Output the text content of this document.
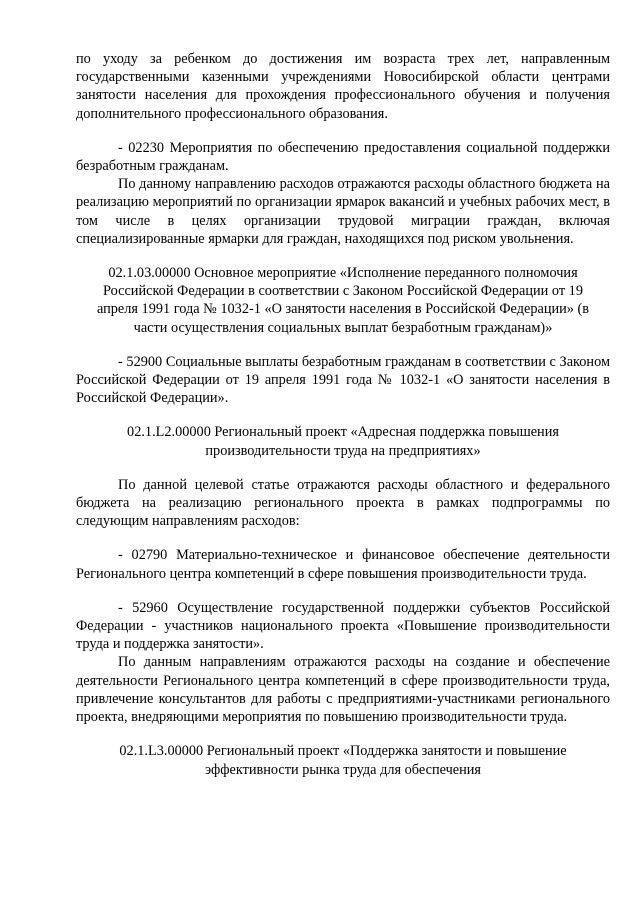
по уходу за ребенком до достижения им возраста трех лет, направленным государственными казенными учреждениями Новосибирской области центрами занятости населения для прохождения профессионального обучения и получения дополнительного профессионального образования.

- 02230 Мероприятия по обеспечению предоставления социальной поддержки безработным гражданам.

По данному направлению расходов отражаются расходы областного бюджета на реализацию мероприятий по организации ярмарок вакансий и учебных рабочих мест, в том числе в целях организации трудовой миграции граждан, включая специализированные ярмарки для граждан, находящихся под риском увольнения.

02.1.03.00000 Основное мероприятие «Исполнение переданного полномочия Российской Федерации в соответствии с Законом Российской Федерации от 19 апреля 1991 года № 1032-1 «О занятости населения в Российской Федерации» (в части осуществления социальных выплат безработным гражданам)»

- 52900 Социальные выплаты безработным гражданам в соответствии с Законом Российской Федерации от 19 апреля 1991 года № 1032-1 «О занятости населения в Российской Федерации».

02.1.L2.00000 Региональный проект «Адресная поддержка повышения производительности труда на предприятиях»

По данной целевой статье отражаются расходы областного и федерального бюджета на реализацию регионального проекта в рамках подпрограммы по следующим направлениям расходов:

- 02790 Материально-техническое и финансовое обеспечение деятельности Регионального центра компетенций в сфере повышения производительности труда.

- 52960 Осуществление государственной поддержки субъектов Российской Федерации - участников национального проекта «Повышение производительности труда и поддержка занятости».

По данным направлениям отражаются расходы на создание и обеспечение деятельности Регионального центра компетенций в сфере производительности труда, привлечение консультантов для работы с предприятиями-участниками регионального проекта, внедряющими мероприятия по повышению производительности труда.

02.1.L3.00000 Региональный проект «Поддержка занятости и повышение эффективности рынка труда для обеспечения
